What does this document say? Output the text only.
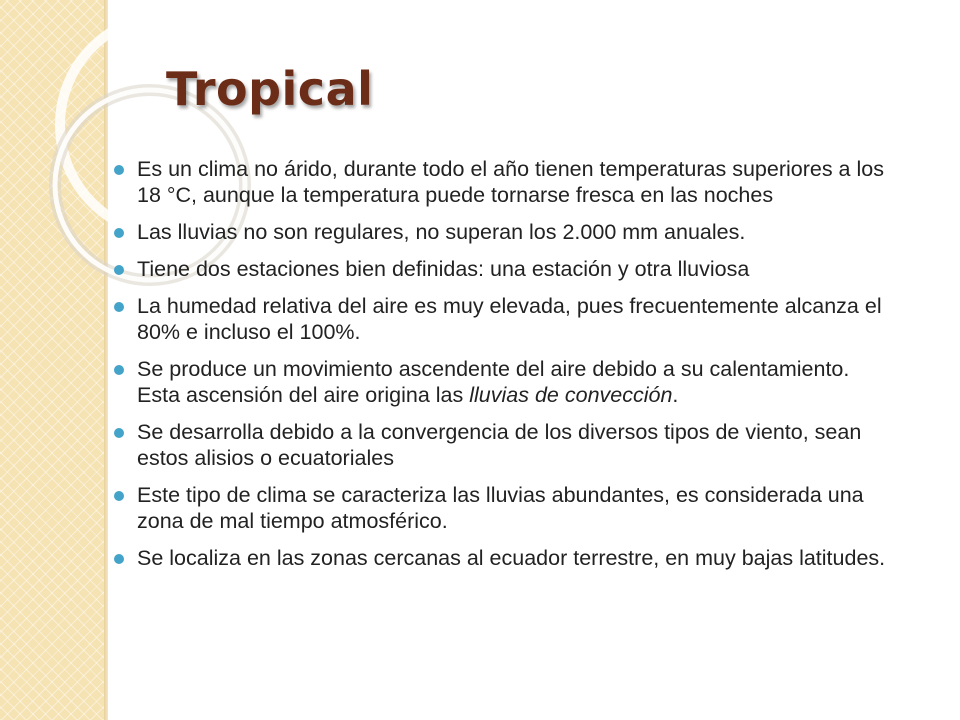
Tropical
Es un clima no árido, durante todo el año tienen temperaturas superiores a los 18 °C, aunque la temperatura puede tornarse fresca en las noches
Las lluvias no son regulares, no superan los 2.000 mm anuales.
Tiene dos estaciones bien definidas: una estación y otra lluviosa
La humedad relativa del aire es muy elevada, pues frecuentemente alcanza el 80% e incluso el 100%.
Se produce un movimiento ascendente del aire debido a su calentamiento. Esta ascensión del aire origina las lluvias de convección.
Se desarrolla debido a la convergencia de los diversos tipos de viento, sean estos alisios o ecuatoriales
Este tipo de clima se caracteriza las lluvias abundantes, es considerada una zona de mal tiempo atmosférico.
Se localiza en las zonas cercanas al ecuador terrestre, en muy bajas latitudes.
